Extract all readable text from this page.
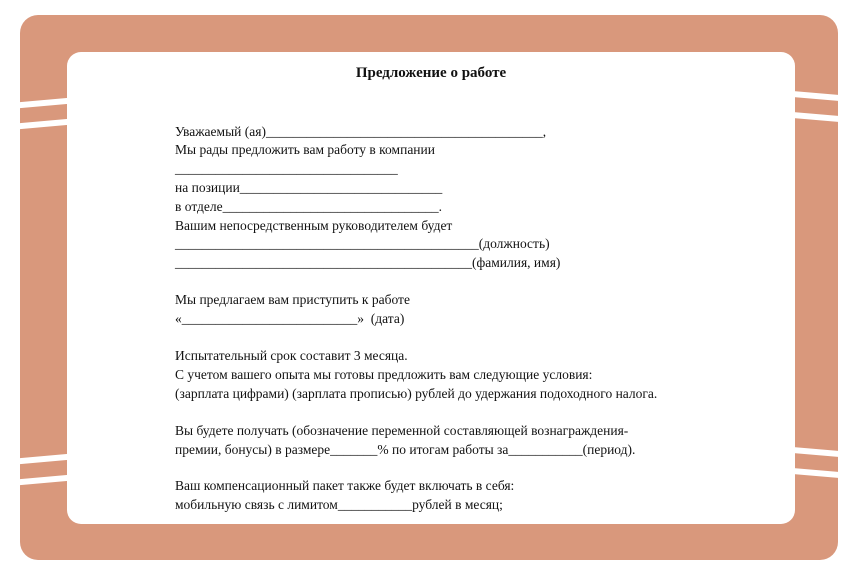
Предложение о работе
Уважаемый (ая)_________________________________________,
Мы рады предложить вам работу в компании
_________________________________
на позиции______________________________
в отделе________________________________.
Вашим непосредственным руководителем будет
_____________________________________________(должность)
____________________________________________(фамилия, имя)
Мы предлагаем вам приступить к работе
«__________________________»  (дата)
Испытательный срок составит 3 месяца.
С учетом вашего опыта мы готовы предложить вам следующие условия:
(зарплата цифрами) (зарплата прописью) рублей до удержания подоходного налога.
Вы будете получать (обозначение переменной составляющей вознаграждения-
премии, бонусы) в размере_______% по итогам работы за___________(период).
Ваш компенсационный пакет также будет включать в себя:
мобильную связь с лимитом___________рублей в месяц;
